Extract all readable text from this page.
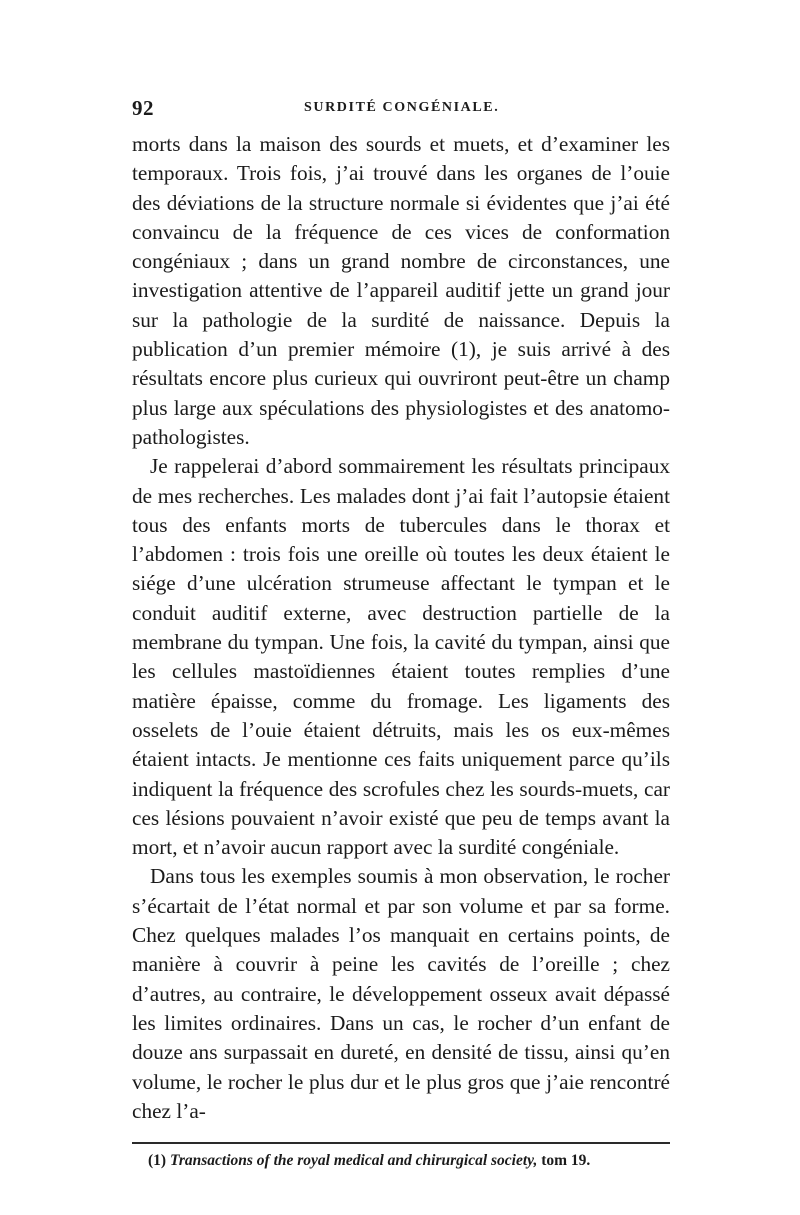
92	SURDITÉ CONGÉNIALE.

morts dans la maison des sourds et muets, et d’examiner les temporaux. Trois fois, j’ai trouvé dans les organes de l’ouie des déviations de la structure normale si évidentes que j’ai été convaincu de la fréquence de ces vices de conformation congéniaux ; dans un grand nombre de circonstances, une investigation attentive de l’appareil auditif jette un grand jour sur la pathologie de la surdité de naissance. Depuis la publication d’un premier mémoire (1), je suis arrivé à des résultats encore plus curieux qui ouvriront peut-être un champ plus large aux spéculations des physiologistes et des anatomo-pathologistes.

Je rappelerai d’abord sommairement les résultats principaux de mes recherches. Les malades dont j’ai fait l’autopsie étaient tous des enfants morts de tubercules dans le thorax et l’abdomen : trois fois une oreille où toutes les deux étaient le siége d’une ulcération strumeuse affectant le tympan et le conduit auditif externe, avec destruction partielle de la membrane du tympan. Une fois, la cavité du tympan, ainsi que les cellules mastoïdiennes étaient toutes remplies d’une matière épaisse, comme du fromage. Les ligaments des osselets de l’ouie étaient détruits, mais les os eux-mêmes étaient intacts. Je mentionne ces faits uniquement parce qu’ils indiquent la fréquence des scrofules chez les sourds-muets, car ces lésions pouvaient n’avoir existé que peu de temps avant la mort, et n’avoir aucun rapport avec la surdité congéniale.

Dans tous les exemples soumis à mon observation, le rocher s’écartait de l’état normal et par son volume et par sa forme. Chez quelques malades l’os manquait en certains points, de manière à couvrir à peine les cavités de l’oreille ; chez d’autres, au contraire, le développement osseux avait dépassé les limites ordinaires. Dans un cas, le rocher d’un enfant de douze ans surpassait en dureté, en densité de tissu, ainsi qu’en volume, le rocher le plus dur et le plus gros que j’aie rencontré chez l’a-

(1) Transactions of the royal medical and chirurgical society, tom 19.
